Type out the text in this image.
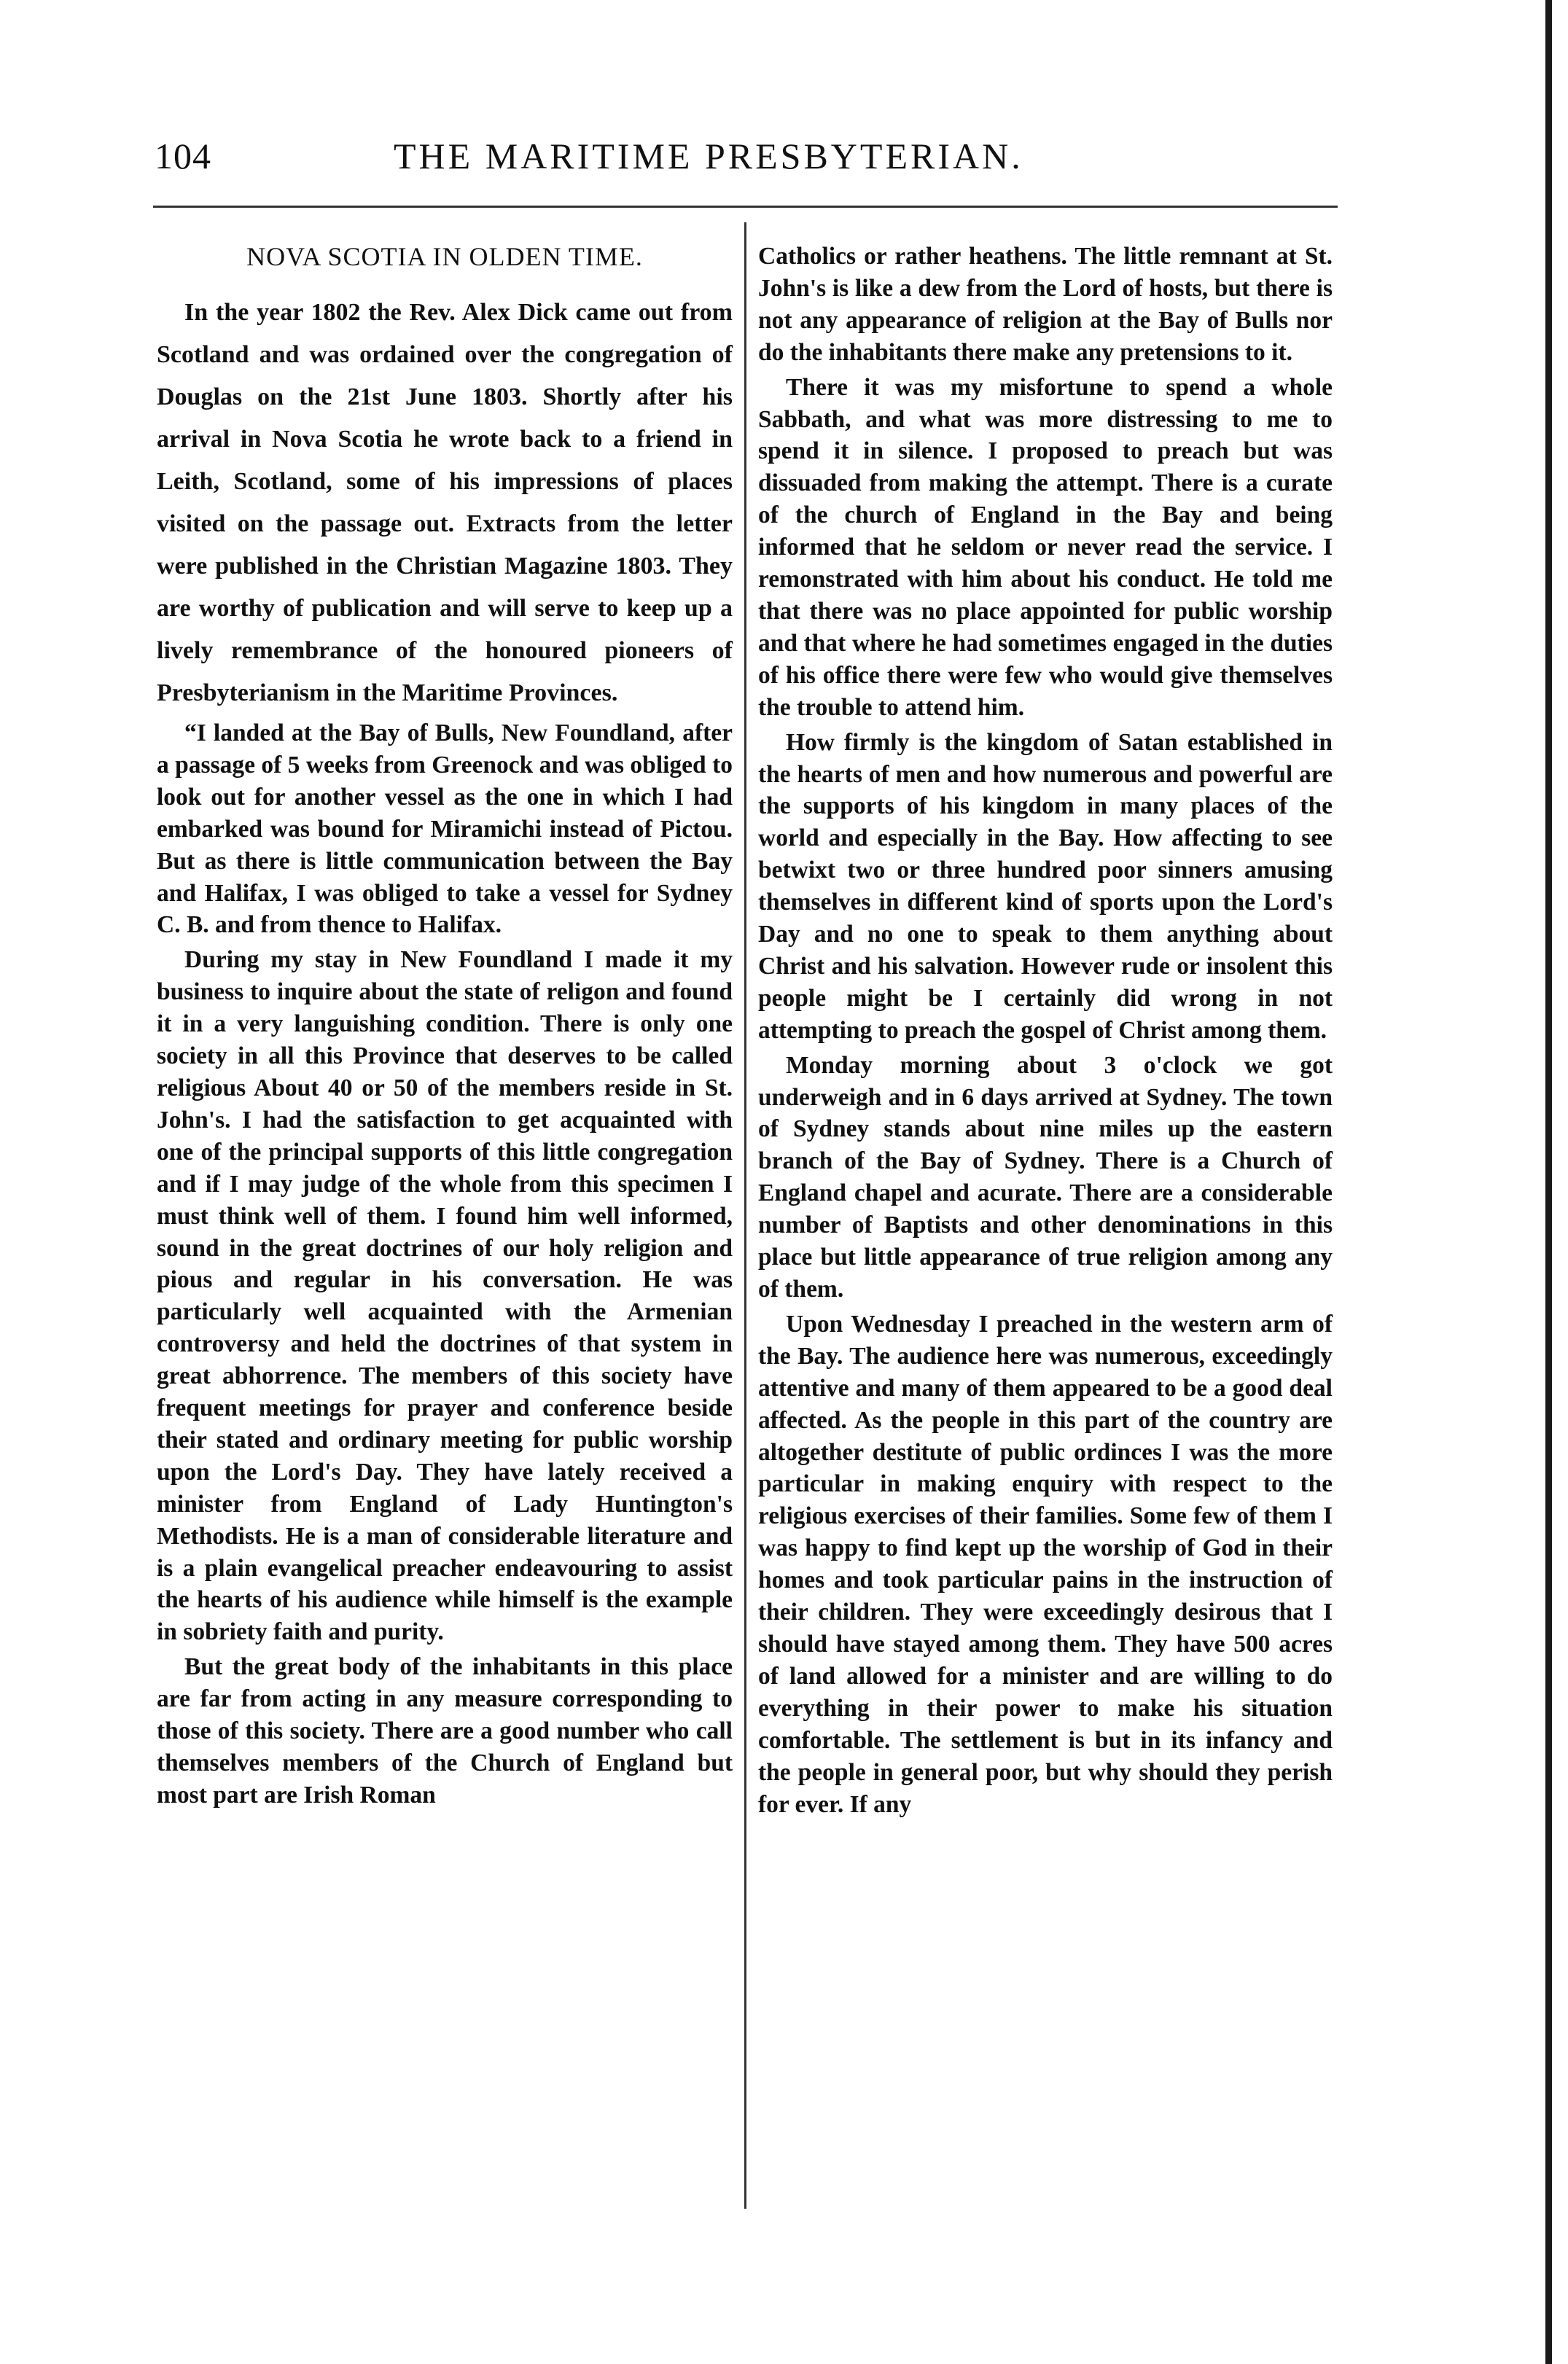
104	THE MARITIME PRESBYTERIAN.
NOVA SCOTIA IN OLDEN TIME.

In the year 1802 the Rev. Alex Dick came out from Scotland and was ordained over the congregation of Douglas on the 21st June 1803. Shortly after his arrival in Nova Scotia he wrote back to a friend in Leith, Scotland, some of his impressions of places visited on the passage out. Extracts from the letter were published in the Christian Magazine 1803. They are worthy of publication and will serve to keep up a lively remembrance of the honoured pioneers of Presbyterianism in the Maritime Provinces.

“I landed at the Bay of Bulls, New Foundland, after a passage of 5 weeks from Greenock and was obliged to look out for another vessel as the one in which I had embarked was bound for Miramichi instead of Pictou. But as there is little communication between the Bay and Halifax, I was obliged to take a vessel for Sydney C. B. and from thence to Halifax.

During my stay in New Foundland I made it my business to inquire about the state of religon and found it in a very languishing condition. There is only one society in all this Province that deserves to be called religious About 40 or 50 of the members reside in St. John's. I had the satisfaction to get acquainted with one of the principal supports of this little congregation and if I may judge of the whole from this specimen I must think well of them. I found him well informed, sound in the great doctrines of our holy religion and pious and regular in his conversation. He was particularly well acquainted with the Armenian controversy and held the doctrines of that system in great abhorrence. The members of this society have frequent meetings for prayer and conference beside their stated and ordinary meeting for public worship upon the Lord's Day. They have lately received a minister from England of Lady Huntington's Methodists. He is a man of considerable literature and is a plain evangelical preacher endeavouring to assist the hearts of his audience while himself is the example in sobriety faith and purity.

But the great body of the inhabitants in this place are far from acting in any measure corresponding to those of this society. There are a good number who call themselves members of the Church of England but most part are Irish Roman

Catholics or rather heathens. The little remnant at St. John's is like a dew from the Lord of hosts, but there is not any appearance of religion at the Bay of Bulls nor do the inhabitants there make any pretensions to it.

There it was my misfortune to spend a whole Sabbath, and what was more distressing to me to spend it in silence. I proposed to preach but was dissuaded from making the attempt. There is a curate of the church of England in the Bay and being informed that he seldom or never read the service. I remonstrated with him about his conduct. He told me that there was no place appointed for public worship and that where he had sometimes engaged in the duties of his office there were few who would give themselves the trouble to attend him.

How firmly is the kingdom of Satan established in the hearts of men and how numerous and powerful are the supports of his kingdom in many places of the world and especially in the Bay. How affecting to see betwixt two or three hundred poor sinners amusing themselves in different kind of sports upon the Lord's Day and no one to speak to them anything about Christ and his salvation. However rude or insolent this people might be I certainly did wrong in not attempting to preach the gospel of Christ among them.

Monday morning about 3 o'clock we got underweigh and in 6 days arrived at Sydney. The town of Sydney stands about nine miles up the eastern branch of the Bay of Sydney. There is a Church of England chapel and acurate. There are a considerable number of Baptists and other denominations in this place but little appearance of true religion among any of them.

Upon Wednesday I preached in the western arm of the Bay. The audience here was numerous, exceedingly attentive and many of them appeared to be a good deal affected. As the people in this part of the country are altogether destitute of public ordinces I was the more particular in making enquiry with respect to the religious exercises of their families. Some few of them I was happy to find kept up the worship of God in their homes and took particular pains in the instruction of their children. They were exceedingly desirous that I should have stayed among them. They have 500 acres of land allowed for a minister and are willing to do everything in their power to make his situation comfortable. The settlement is but in its infancy and the people in general poor, but why should they perish for ever. If any
